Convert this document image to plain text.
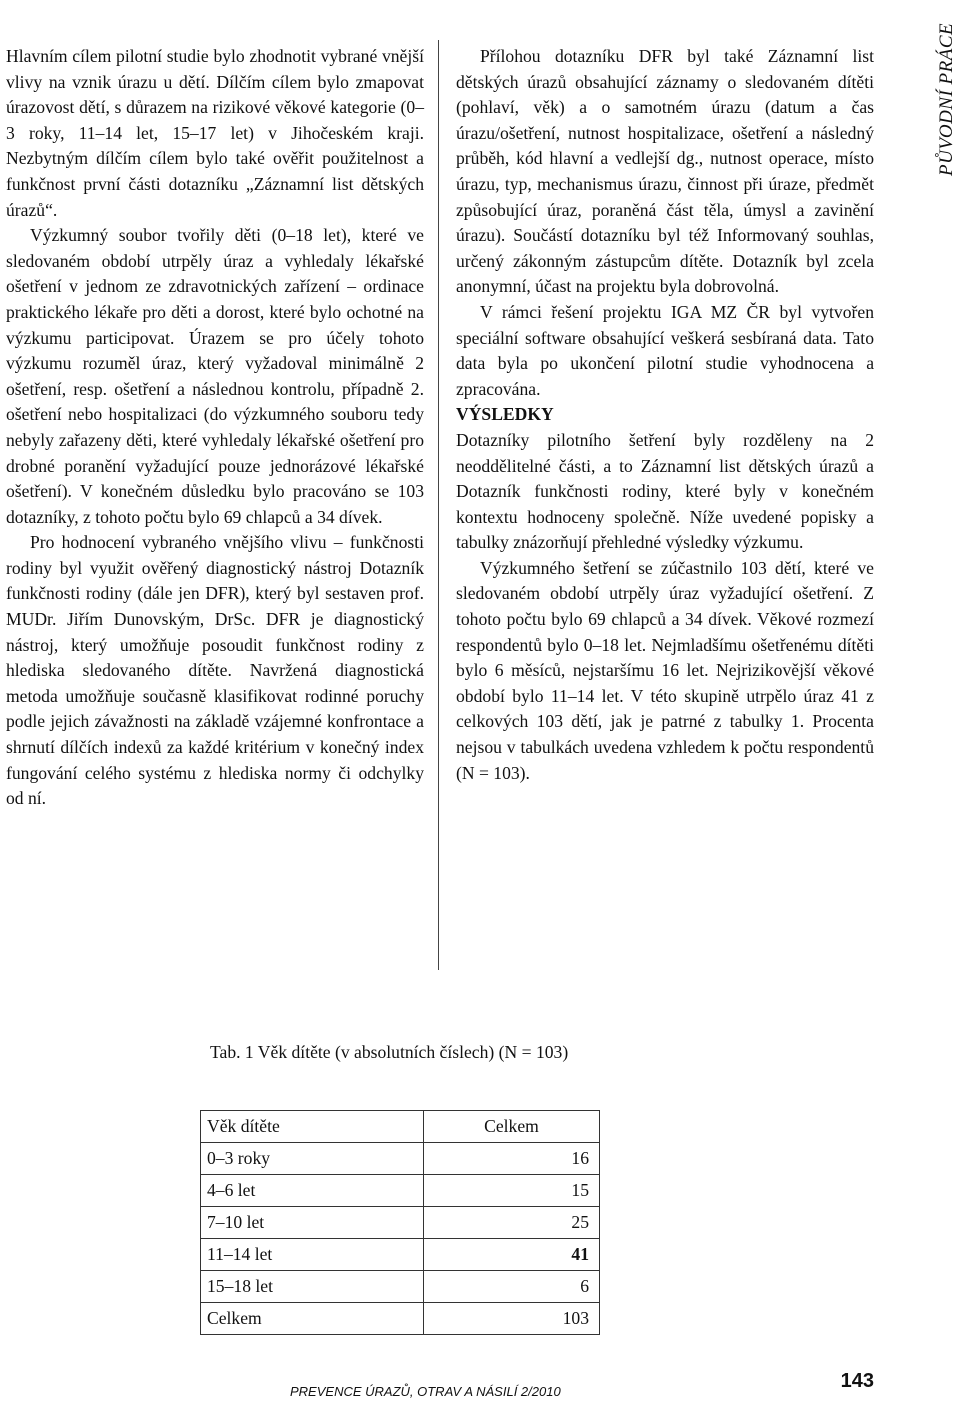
PŮVODNÍ PRÁCE

Hlavním cílem pilotní studie bylo zhodnotit vybrané vnější vlivy na vznik úrazu u dětí. Dílčím cílem bylo zmapovat úrazovost dětí, s důrazem na rizikové věkové kategorie (0–3 roky, 11–14 let, 15–17 let) v Jihočeském kraji. Nezbytným dílčím cílem bylo také ověřit použitelnost a funkčnost první části dotazníku „Záznamní list dětských úrazů“.

Výzkumný soubor tvořily děti (0–18 let), které ve sledovaném období utrpěly úraz a vyhledaly lékařské ošetření v jednom ze zdravotnických zařízení – ordinace praktického lékaře pro děti a dorost, které bylo ochotné na výzkumu participovat. Úrazem se pro účely tohoto výzkumu rozuměl úraz, který vyžadoval minimálně 2 ošetření, resp. ošetření a následnou kontrolu, případně 2. ošetření nebo hospitalizaci (do výzkumného souboru tedy nebyly zařazeny děti, které vyhledaly lékařské ošetření pro drobné poranění vyžadující pouze jednorázové lékařské ošetření). V konečném důsledku bylo pracováno se 103 dotazníky, z tohoto počtu bylo 69 chlapců a 34 dívek.

Pro hodnocení vybraného vnějšího vlivu – funkčnosti rodiny byl využit ověřený diagnostický nástroj Dotazník funkčnosti rodiny (dále jen DFR), který byl sestaven prof. MUDr. Jiřím Dunovským, DrSc. DFR je diagnostický nástroj, který umožňuje posoudit funkčnost rodiny z hlediska sledovaného dítěte. Navržená diagnostická metoda umožňuje současně klasifikovat rodinné poruchy podle jejich závažnosti na základě vzájemné konfrontace a shrnutí dílčích indexů za každé kritérium v konečný index fungování celého systému z hlediska normy či odchylky od ní.

Přílohou dotazníku DFR byl také Záznamní list dětských úrazů obsahující záznamy o sledovaném dítěti (pohlaví, věk) a o samotném úrazu (datum a čas úrazu/ošetření, nutnost hospitalizace, ošetření a následný průběh, kód hlavní a vedlejší dg., nutnost operace, místo úrazu, typ, mechanismus úrazu, činnost při úraze, předmět způsobující úraz, poraněná část těla, úmysl a zavinění úrazu). Součástí dotazníku byl též Informovaný souhlas, určený zákonným zástupcům dítěte. Dotazník byl zcela anonymní, účast na projektu byla dobrovolná.

V rámci řešení projektu IGA MZ ČR byl vytvořen speciální software obsahující veškerá sesbíraná data. Tato data byla po ukončení pilotní studie vyhodnocena a zpracována.

VÝSLEDKY

Dotazníky pilotního šetření byly rozděleny na 2 neoddělitelné části, a to Záznamní list dětských úrazů a Dotazník funkčnosti rodiny, které byly v konečném kontextu hodnoceny společně. Níže uvedené popisky a tabulky znázorňují přehledné výsledky výzkumu.

Výzkumného šetření se zúčastnilo 103 dětí, které ve sledovaném období utrpěly úraz vyžadující ošetření. Z tohoto počtu bylo 69 chlapců a 34 dívek. Věkové rozmezí respondentů bylo 0–18 let. Nejmladšímu ošetřenému dítěti bylo 6 měsíců, nejstaršímu 16 let. Nejrizikovější věkové období bylo 11–14 let. V této skupině utrpělo úraz 41 z celkových 103 dětí, jak je patrné z tabulky 1. Procenta nejsou v tabulkách uvedena vzhledem k počtu respondentů (N = 103).

Tab. 1 Věk dítěte (v absolutních číslech) (N = 103)
Věk dítěte	Celkem
0–3 roky	16
4–6 let	15
7–10 let	25
11–14 let	41
15–18 let	6
Celkem	103
PREVENCE ÚRAZŮ, OTRAV A NÁSILÍ 2/2010	143
